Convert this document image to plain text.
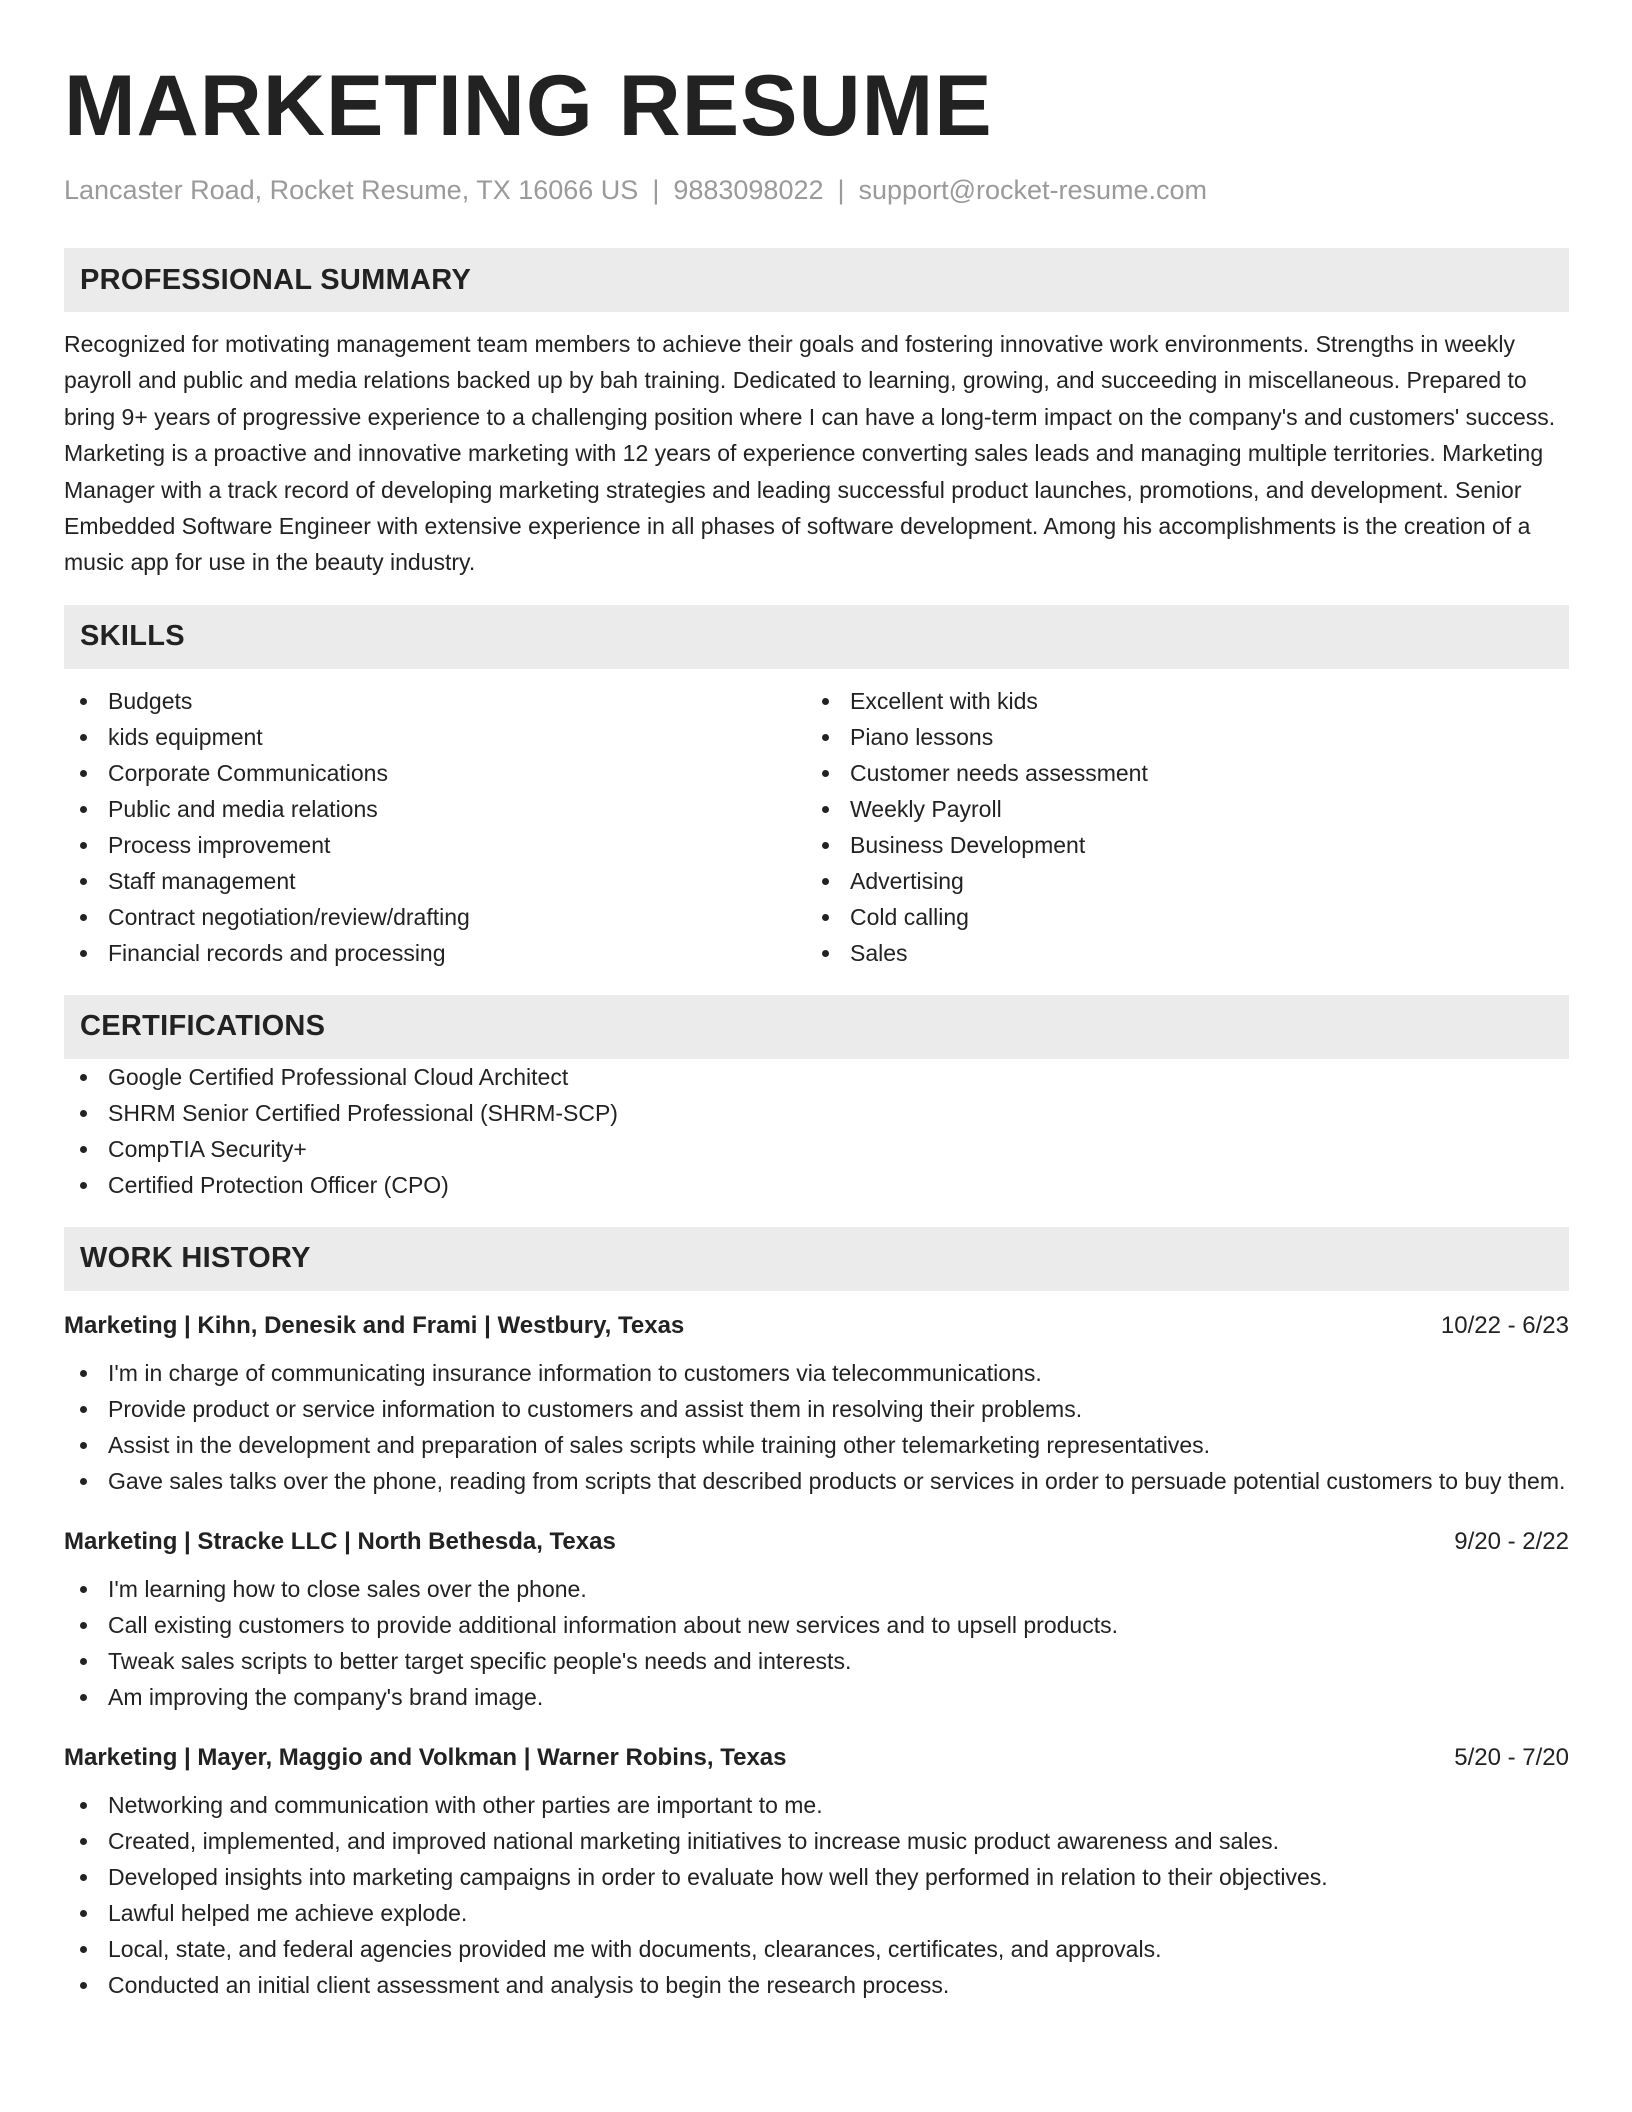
MARKETING RESUME
Lancaster Road, Rocket Resume, TX 16066 US | 9883098022 | support@rocket-resume.com
PROFESSIONAL SUMMARY

Recognized for motivating management team members to achieve their goals and fostering innovative work environments. Strengths in weekly payroll and public and media relations backed up by bah training. Dedicated to learning, growing, and succeeding in miscellaneous. Prepared to bring 9+ years of progressive experience to a challenging position where I can have a long-term impact on the company's and customers' success. Marketing is a proactive and innovative marketing with 12 years of experience converting sales leads and managing multiple territories. Marketing Manager with a track record of developing marketing strategies and leading successful product launches, promotions, and development. Senior Embedded Software Engineer with extensive experience in all phases of software development. Among his accomplishments is the creation of a music app for use in the beauty industry.

SKILLS
Budgets
kids equipment
Corporate Communications
Public and media relations
Process improvement
Staff management
Contract negotiation/review/drafting
Financial records and processing
Excellent with kids
Piano lessons
Customer needs assessment
Weekly Payroll
Business Development
Advertising
Cold calling
Sales
CERTIFICATIONS
Google Certified Professional Cloud Architect
SHRM Senior Certified Professional (SHRM-SCP)
CompTIA Security+
Certified Protection Officer (CPO)
WORK HISTORY
Marketing | Kihn, Denesik and Frami | Westbury, Texas	10/22 - 6/23
I'm in charge of communicating insurance information to customers via telecommunications.
Provide product or service information to customers and assist them in resolving their problems.
Assist in the development and preparation of sales scripts while training other telemarketing representatives.
Gave sales talks over the phone, reading from scripts that described products or services in order to persuade potential customers to buy them.
Marketing | Stracke LLC | North Bethesda, Texas	9/20 - 2/22
I'm learning how to close sales over the phone.
Call existing customers to provide additional information about new services and to upsell products.
Tweak sales scripts to better target specific people's needs and interests.
Am improving the company's brand image.
Marketing | Mayer, Maggio and Volkman | Warner Robins, Texas	5/20 - 7/20
Networking and communication with other parties are important to me.
Created, implemented, and improved national marketing initiatives to increase music product awareness and sales.
Developed insights into marketing campaigns in order to evaluate how well they performed in relation to their objectives.
Lawful helped me achieve explode.
Local, state, and federal agencies provided me with documents, clearances, certificates, and approvals.
Conducted an initial client assessment and analysis to begin the research process.
